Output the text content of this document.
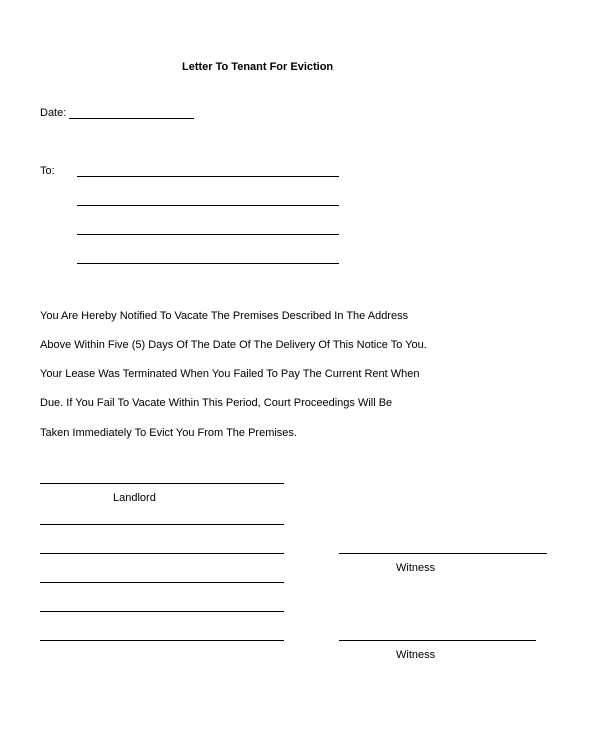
Letter To Tenant For Eviction
Date:
To:
You Are Hereby Notified To Vacate The Premises Described In The Address
Above Within Five (5) Days Of The Date Of The Delivery Of This Notice To You.
Your Lease Was Terminated When You Failed To Pay The Current Rent When
Due. If You Fail To Vacate Within This Period, Court Proceedings Will Be
Taken Immediately To Evict You From The Premises.
Landlord
Witness
Witness
